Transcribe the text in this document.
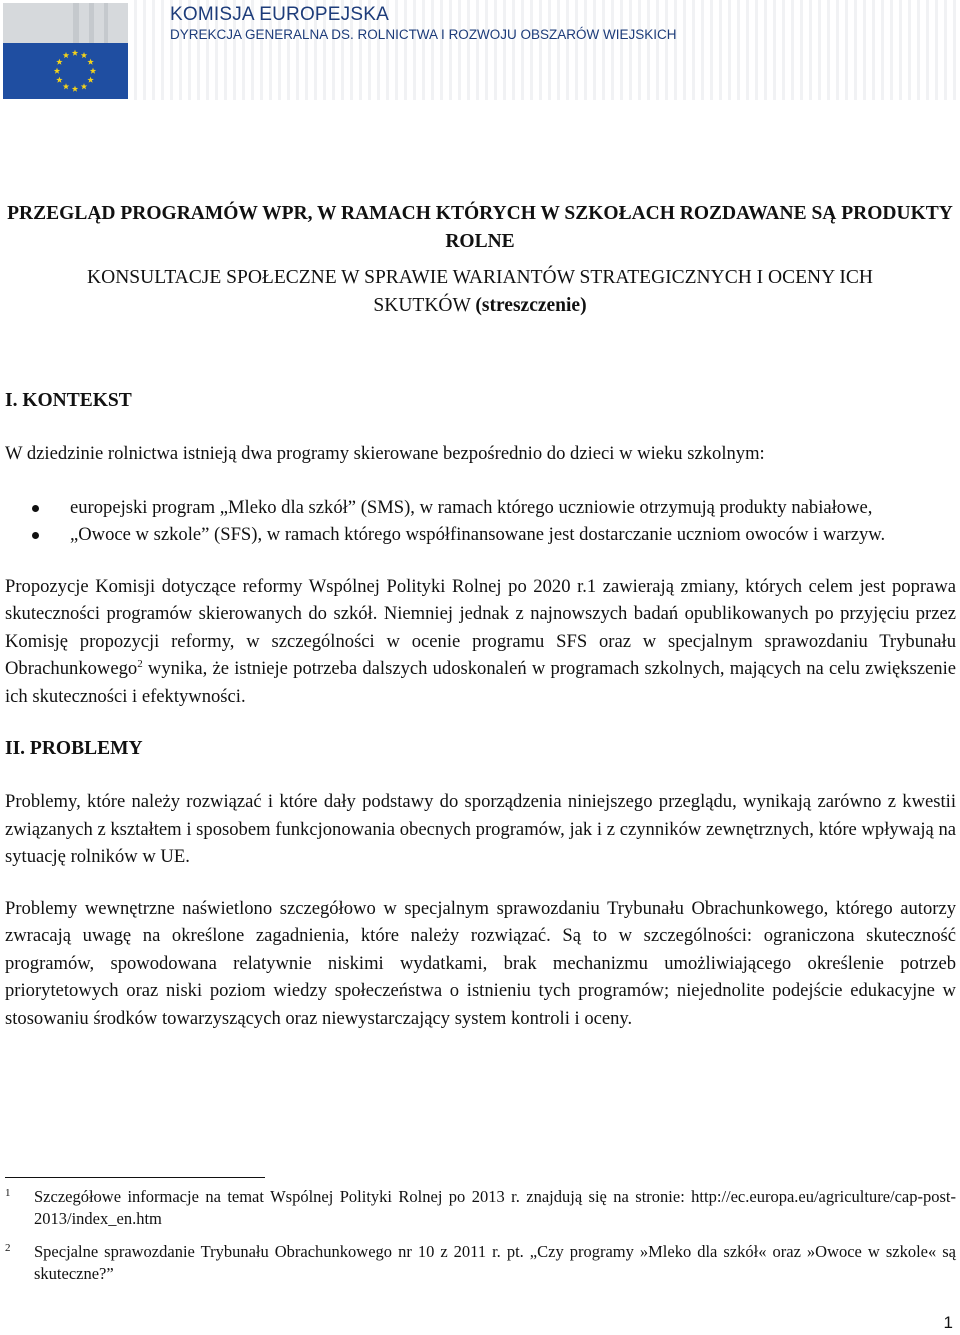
KOMISJA EUROPEJSKA
DYREKCJA GENERALNA DS. ROLNICTWA I ROZWOJU OBSZARÓW WIEJSKICH
PRZEGLĄD PROGRAMÓW WPR, W RAMACH KTÓRYCH W SZKOŁACH ROZDAWANE SĄ PRODUKTY ROLNE
KONSULTACJE SPOŁECZNE W SPRAWIE WARIANTÓW STRATEGICZNYCH I OCENY ICH
SKUTKÓW (streszczenie)
I. KONTEKST

W dziedzinie rolnictwa istnieją dwa programy skierowane bezpośrednio do dzieci w wieku szkolnym:

europejski program „Mleko dla szkół” (SMS), w ramach którego uczniowie otrzymują produkty nabiałowe,
„Owoce w szkole” (SFS), w ramach którego współfinansowane jest dostarczanie uczniom owoców i warzyw.

Propozycje Komisji dotyczące reformy Wspólnej Polityki Rolnej po 2020 r.1 zawierają zmiany, których celem jest poprawa skuteczności programów skierowanych do szkół. Niemniej jednak z najnowszych badań opublikowanych po przyjęciu przez Komisję propozycji reformy, w szczególności w ocenie programu SFS oraz w specjalnym sprawozdaniu Trybunału Obrachunkowego$^2$ wynika, że istnieje potrzeba dalszych udoskonaleń w programach szkolnych, mających na celu zwiększenie ich skuteczności i efektywności.

II. PROBLEMY

Problemy, które należy rozwiązać i które dały podstawy do sporządzenia niniejszego przeglądu, wynikają zarówno z kwestii związanych z kształtem i sposobem funkcjonowania obecnych programów, jak i z czynników zewnętrznych, które wpływają na sytuację rolników w UE.

Problemy wewnętrzne naświetlono szczegółowo w specjalnym sprawozdaniu Trybunału Obrachunkowego, którego autorzy zwracają uwagę na określone zagadnienia, które należy rozwiązać. Są to w szczególności: ograniczona skuteczność programów, spowodowana relatywnie niskimi wydatkami, brak mechanizmu umożliwiającego określenie potrzeb priorytetowych oraz niski poziom wiedzy społeczeństwa o istnieniu tych programów; niejednolite podejście edukacyjne w stosowaniu środków towarzyszących oraz niewystarczający system kontroli i oceny.

1 Szczegółowe informacje na temat Wspólnej Polityki Rolnej po 2013 r. znajdują się na stronie: http://ec.europa.eu/agriculture/cap-post-2013/index_en.htm
2 Specjalne sprawozdanie Trybunału Obrachunkowego nr 10 z 2011 r. pt. „Czy programy »Mleko dla szkół« oraz »Owoce w szkole« są skuteczne?”
1
